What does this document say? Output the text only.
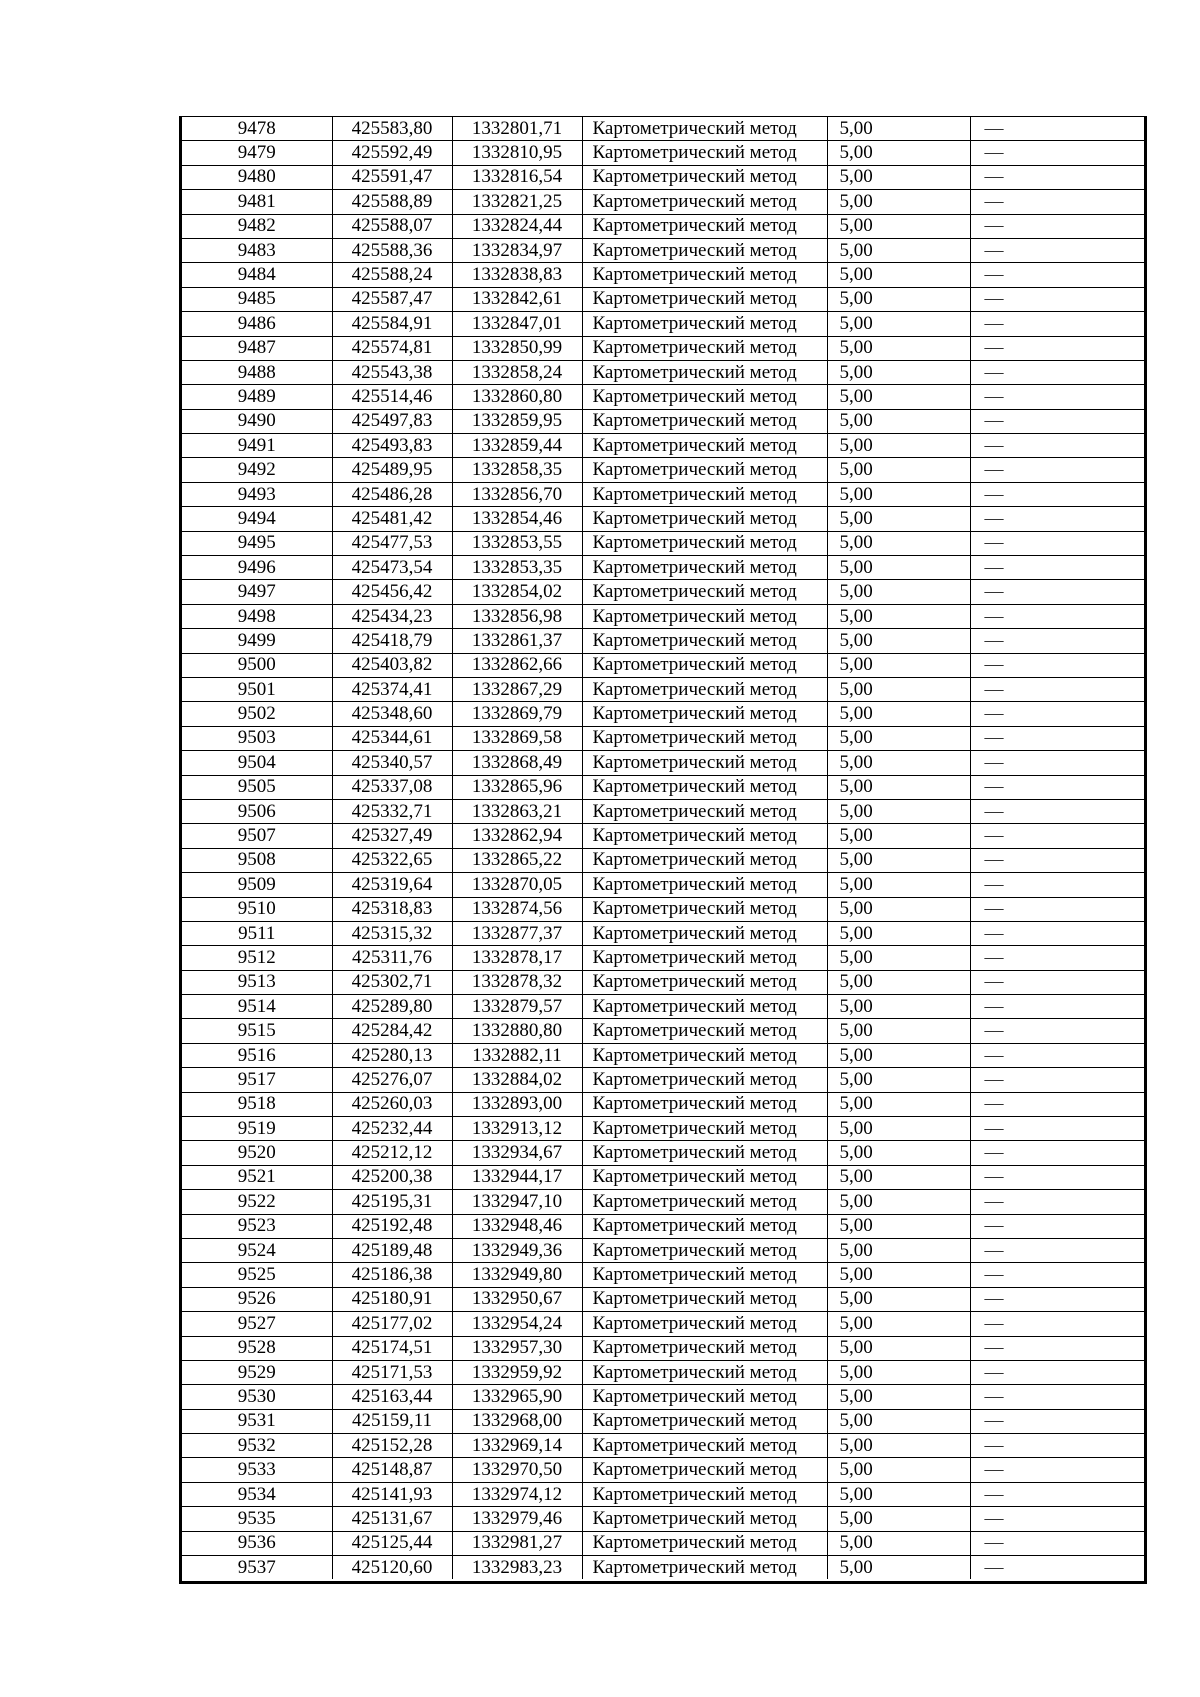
9478	425583,80	1332801,71	Картометрический метод	5,00	—
9479	425592,49	1332810,95	Картометрический метод	5,00	—
9480	425591,47	1332816,54	Картометрический метод	5,00	—
9481	425588,89	1332821,25	Картометрический метод	5,00	—
9482	425588,07	1332824,44	Картометрический метод	5,00	—
9483	425588,36	1332834,97	Картометрический метод	5,00	—
9484	425588,24	1332838,83	Картометрический метод	5,00	—
9485	425587,47	1332842,61	Картометрический метод	5,00	—
9486	425584,91	1332847,01	Картометрический метод	5,00	—
9487	425574,81	1332850,99	Картометрический метод	5,00	—
9488	425543,38	1332858,24	Картометрический метод	5,00	—
9489	425514,46	1332860,80	Картометрический метод	5,00	—
9490	425497,83	1332859,95	Картометрический метод	5,00	—
9491	425493,83	1332859,44	Картометрический метод	5,00	—
9492	425489,95	1332858,35	Картометрический метод	5,00	—
9493	425486,28	1332856,70	Картометрический метод	5,00	—
9494	425481,42	1332854,46	Картометрический метод	5,00	—
9495	425477,53	1332853,55	Картометрический метод	5,00	—
9496	425473,54	1332853,35	Картометрический метод	5,00	—
9497	425456,42	1332854,02	Картометрический метод	5,00	—
9498	425434,23	1332856,98	Картометрический метод	5,00	—
9499	425418,79	1332861,37	Картометрический метод	5,00	—
9500	425403,82	1332862,66	Картометрический метод	5,00	—
9501	425374,41	1332867,29	Картометрический метод	5,00	—
9502	425348,60	1332869,79	Картометрический метод	5,00	—
9503	425344,61	1332869,58	Картометрический метод	5,00	—
9504	425340,57	1332868,49	Картометрический метод	5,00	—
9505	425337,08	1332865,96	Картометрический метод	5,00	—
9506	425332,71	1332863,21	Картометрический метод	5,00	—
9507	425327,49	1332862,94	Картометрический метод	5,00	—
9508	425322,65	1332865,22	Картометрический метод	5,00	—
9509	425319,64	1332870,05	Картометрический метод	5,00	—
9510	425318,83	1332874,56	Картометрический метод	5,00	—
9511	425315,32	1332877,37	Картометрический метод	5,00	—
9512	425311,76	1332878,17	Картометрический метод	5,00	—
9513	425302,71	1332878,32	Картометрический метод	5,00	—
9514	425289,80	1332879,57	Картометрический метод	5,00	—
9515	425284,42	1332880,80	Картометрический метод	5,00	—
9516	425280,13	1332882,11	Картометрический метод	5,00	—
9517	425276,07	1332884,02	Картометрический метод	5,00	—
9518	425260,03	1332893,00	Картометрический метод	5,00	—
9519	425232,44	1332913,12	Картометрический метод	5,00	—
9520	425212,12	1332934,67	Картометрический метод	5,00	—
9521	425200,38	1332944,17	Картометрический метод	5,00	—
9522	425195,31	1332947,10	Картометрический метод	5,00	—
9523	425192,48	1332948,46	Картометрический метод	5,00	—
9524	425189,48	1332949,36	Картометрический метод	5,00	—
9525	425186,38	1332949,80	Картометрический метод	5,00	—
9526	425180,91	1332950,67	Картометрический метод	5,00	—
9527	425177,02	1332954,24	Картометрический метод	5,00	—
9528	425174,51	1332957,30	Картометрический метод	5,00	—
9529	425171,53	1332959,92	Картометрический метод	5,00	—
9530	425163,44	1332965,90	Картометрический метод	5,00	—
9531	425159,11	1332968,00	Картометрический метод	5,00	—
9532	425152,28	1332969,14	Картометрический метод	5,00	—
9533	425148,87	1332970,50	Картометрический метод	5,00	—
9534	425141,93	1332974,12	Картометрический метод	5,00	—
9535	425131,67	1332979,46	Картометрический метод	5,00	—
9536	425125,44	1332981,27	Картометрический метод	5,00	—
9537	425120,60	1332983,23	Картометрический метод	5,00	—
